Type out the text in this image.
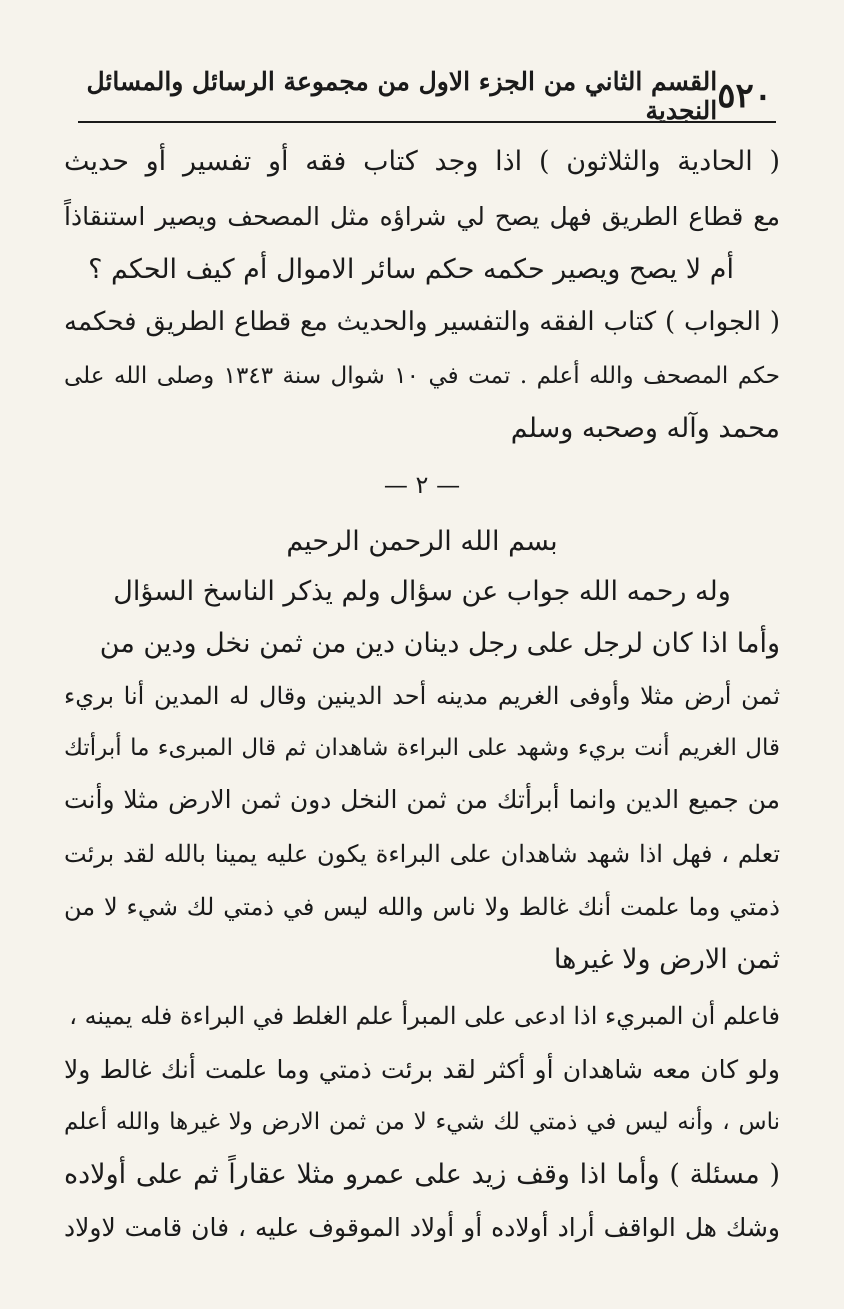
٥٢٠
القسم الثاني من الجزء الاول من مجموعة الرسائل والمسائل النجدية
( الحادية والثلاثون ) اذا وجد كتاب فقه أو تفسير أو حديث
مع قطاع الطريق فهل يصح لي شراؤه مثل المصحف ويصير استنقاذاً
أم لا يصح ويصير حكمه حكم سائر الاموال أم كيف الحكم ؟
( الجواب ) كتاب الفقه والتفسير والحديث مع قطاع الطريق فحكمه
حكم المصحف والله أعلم . تمت في ١٠ شوال سنة ١٣٤٣ وصلى الله على
محمد وآله وصحبه وسلم
— ٢ —
بسم الله الرحمن الرحيم
وله رحمه الله جواب عن سؤال ولم يذكر الناسخ السؤال
وأما اذا كان لرجل على رجل دينان دين من ثمن نخل ودين من
ثمن أرض مثلا وأوفى الغريم مدينه أحد الدينين وقال له المدين أنا بريء
قال الغريم أنت بريء وشهد على البراءة شاهدان ثم قال المبرىء ما أبرأتك
من جميع الدين وانما أبرأتك من ثمن النخل دون ثمن الارض مثلا وأنت
تعلم ، فهل اذا شهد شاهدان على البراءة يكون عليه يمينا بالله لقد برئت
ذمتي وما علمت أنك غالط ولا ناس والله ليس في ذمتي لك شيء لا من
ثمن الارض ولا غيرها
فاعلم أن المبريء اذا ادعى على المبرأ علم الغلط في البراءة فله يمينه ،
ولو كان معه شاهدان أو أكثر لقد برئت ذمتي وما علمت أنك غالط ولا
ناس ، وأنه ليس في ذمتي لك شيء لا من ثمن الارض ولا غيرها والله أعلم
( مسئلة ) وأما اذا وقف زيد على عمرو مثلا عقاراً ثم على أولاده
وشك هل الواقف أراد أولاده أو أولاد الموقوف عليه ، فان قامت لاولاد
